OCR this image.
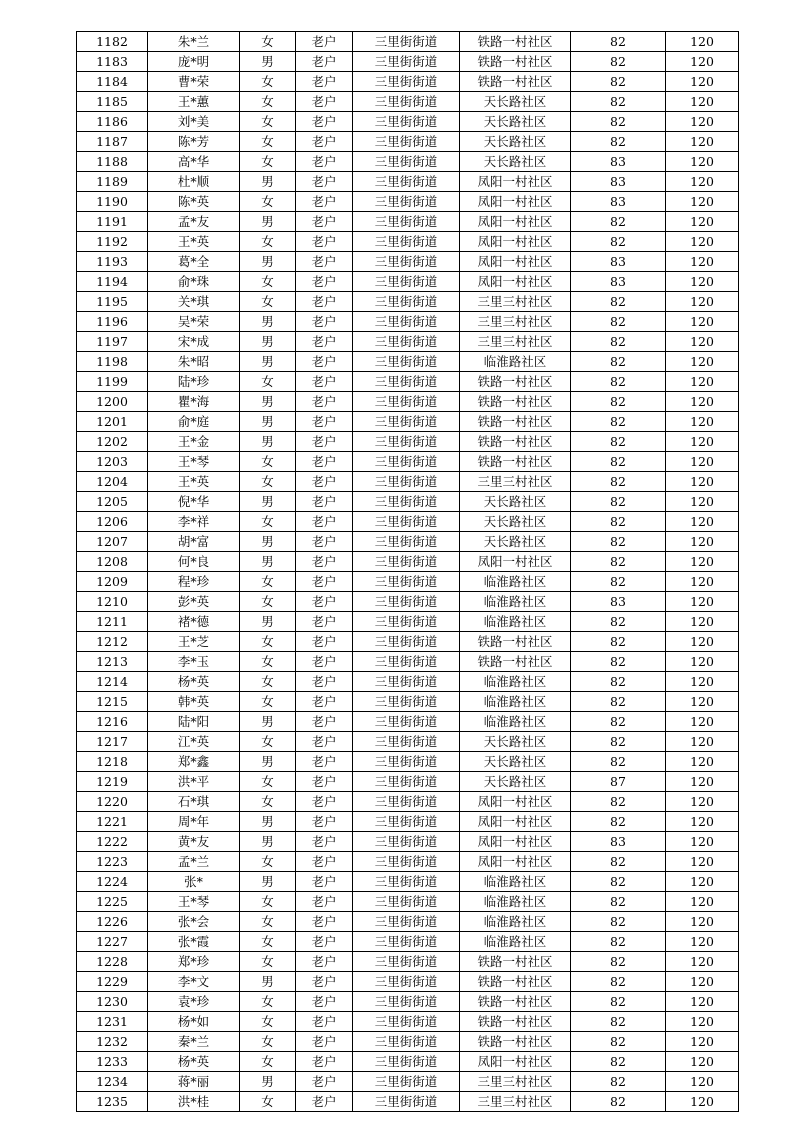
1182	朱*兰	女	老户	三里街街道	铁路一村社区	82	120
1183	庞*明	男	老户	三里街街道	铁路一村社区	82	120
1184	曹*荣	女	老户	三里街街道	铁路一村社区	82	120
1185	王*蕙	女	老户	三里街街道	天长路社区	82	120
1186	刘*美	女	老户	三里街街道	天长路社区	82	120
1187	陈*芳	女	老户	三里街街道	天长路社区	82	120
1188	高*华	女	老户	三里街街道	天长路社区	83	120
1189	杜*顺	男	老户	三里街街道	凤阳一村社区	83	120
1190	陈*英	女	老户	三里街街道	凤阳一村社区	83	120
1191	孟*友	男	老户	三里街街道	凤阳一村社区	82	120
1192	王*英	女	老户	三里街街道	凤阳一村社区	82	120
1193	葛*全	男	老户	三里街街道	凤阳一村社区	83	120
1194	俞*珠	女	老户	三里街街道	凤阳一村社区	83	120
1195	关*琪	女	老户	三里街街道	三里三村社区	82	120
1196	吴*荣	男	老户	三里街街道	三里三村社区	82	120
1197	宋*成	男	老户	三里街街道	三里三村社区	82	120
1198	朱*昭	男	老户	三里街街道	临淮路社区	82	120
1199	陆*珍	女	老户	三里街街道	铁路一村社区	82	120
1200	瞿*海	男	老户	三里街街道	铁路一村社区	82	120
1201	俞*庭	男	老户	三里街街道	铁路一村社区	82	120
1202	王*金	男	老户	三里街街道	铁路一村社区	82	120
1203	王*琴	女	老户	三里街街道	铁路一村社区	82	120
1204	王*英	女	老户	三里街街道	三里三村社区	82	120
1205	倪*华	男	老户	三里街街道	天长路社区	82	120
1206	李*祥	女	老户	三里街街道	天长路社区	82	120
1207	胡*富	男	老户	三里街街道	天长路社区	82	120
1208	何*良	男	老户	三里街街道	凤阳一村社区	82	120
1209	程*珍	女	老户	三里街街道	临淮路社区	82	120
1210	彭*英	女	老户	三里街街道	临淮路社区	83	120
1211	褚*德	男	老户	三里街街道	临淮路社区	82	120
1212	王*芝	女	老户	三里街街道	铁路一村社区	82	120
1213	李*玉	女	老户	三里街街道	铁路一村社区	82	120
1214	杨*英	女	老户	三里街街道	临淮路社区	82	120
1215	韩*英	女	老户	三里街街道	临淮路社区	82	120
1216	陆*阳	男	老户	三里街街道	临淮路社区	82	120
1217	江*英	女	老户	三里街街道	天长路社区	82	120
1218	郑*鑫	男	老户	三里街街道	天长路社区	82	120
1219	洪*平	女	老户	三里街街道	天长路社区	87	120
1220	石*琪	女	老户	三里街街道	凤阳一村社区	82	120
1221	周*年	男	老户	三里街街道	凤阳一村社区	82	120
1222	黄*友	男	老户	三里街街道	凤阳一村社区	83	120
1223	孟*兰	女	老户	三里街街道	凤阳一村社区	82	120
1224	张*	男	老户	三里街街道	临淮路社区	82	120
1225	王*琴	女	老户	三里街街道	临淮路社区	82	120
1226	张*会	女	老户	三里街街道	临淮路社区	82	120
1227	张*霞	女	老户	三里街街道	临淮路社区	82	120
1228	郑*珍	女	老户	三里街街道	铁路一村社区	82	120
1229	李*文	男	老户	三里街街道	铁路一村社区	82	120
1230	袁*珍	女	老户	三里街街道	铁路一村社区	82	120
1231	杨*如	女	老户	三里街街道	铁路一村社区	82	120
1232	秦*兰	女	老户	三里街街道	铁路一村社区	82	120
1233	杨*英	女	老户	三里街街道	凤阳一村社区	82	120
1234	蒋*丽	男	老户	三里街街道	三里三村社区	82	120
1235	洪*桂	女	老户	三里街街道	三里三村社区	82	120
